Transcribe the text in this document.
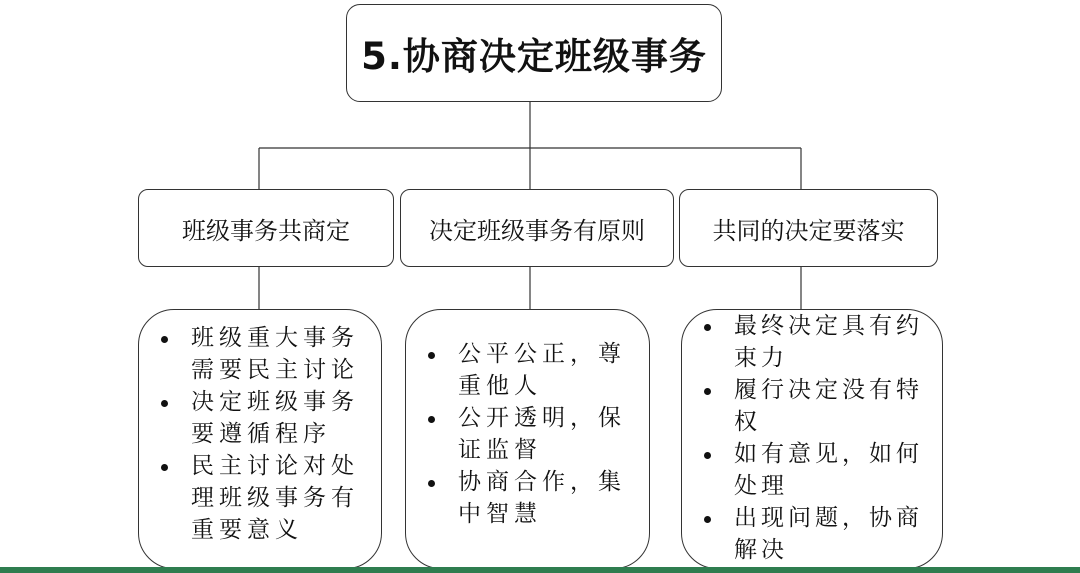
5.协商决定班级事务
班级事务共商定	决定班级事务有原则	共同的决定要落实
班级重大事务需要民主讨论
决定班级事务要遵循程序
民主讨论对处理班级事务有重要意义
公平公正，尊重他人
公开透明，保证监督
协商合作，集中智慧
最终决定具有约束力
履行决定没有特权
如有意见，如何处理
出现问题，协商解决
